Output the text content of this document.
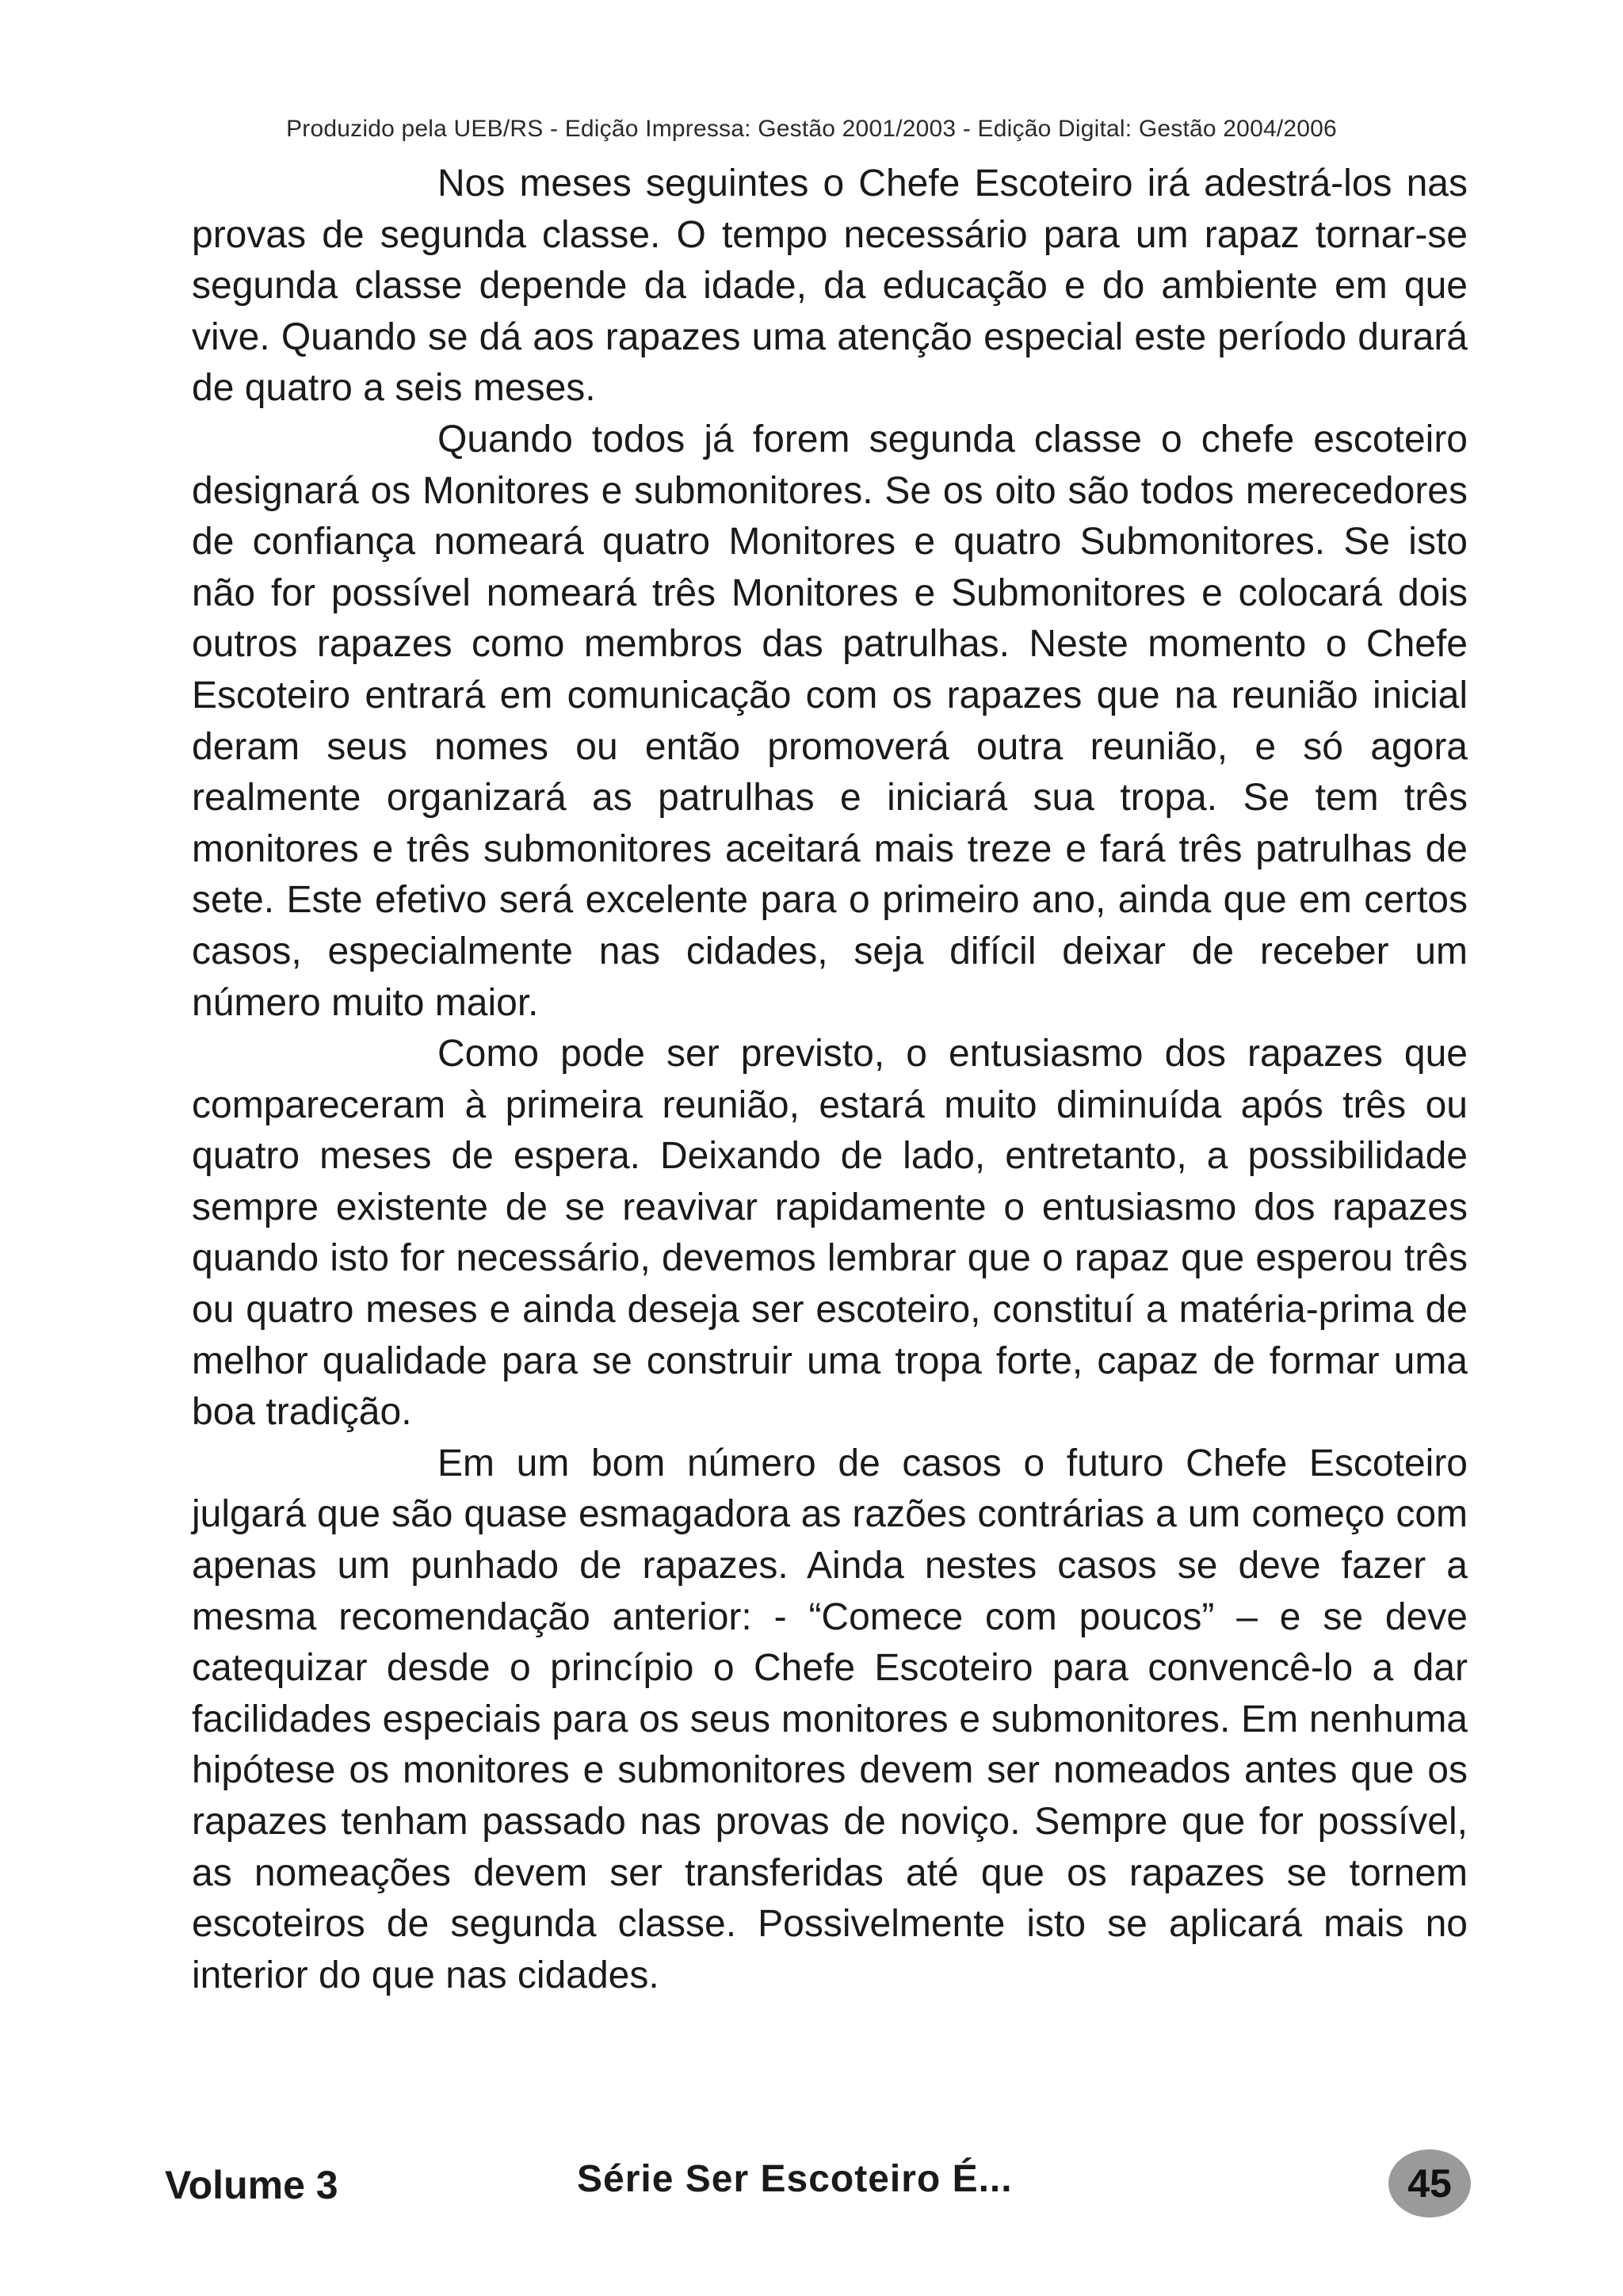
Produzido pela UEB/RS - Edição Impressa: Gestão 2001/2003 - Edição Digital: Gestão 2004/2006

Nos meses seguintes o Chefe Escoteiro irá adestrá-los nas provas de segunda classe. O tempo necessário para um rapaz tornar-se segunda classe depende da idade, da educação e do ambiente em que vive. Quando se dá aos rapazes uma atenção especial este período durará de quatro a seis meses.

Quando todos já forem segunda classe o chefe escoteiro designará os Monitores e submonitores. Se os oito são todos merecedores de confiança nomeará quatro Monitores e quatro Submonitores. Se isto não for possível nomeará três Monitores e Submonitores e colocará dois outros rapazes como membros das patrulhas. Neste momento o Chefe Escoteiro entrará em comunicação com os rapazes que na reunião inicial deram seus nomes ou então promoverá outra reunião, e só agora realmente organizará as patrulhas e iniciará sua tropa. Se tem três monitores e três submonitores aceitará mais treze e fará três patrulhas de sete. Este efetivo será excelente para o primeiro ano, ainda que em certos casos, especialmente nas cidades, seja difícil deixar de receber um número muito maior.

Como pode ser previsto, o entusiasmo dos rapazes que compareceram à primeira reunião, estará muito diminuída após três ou quatro meses de espera. Deixando de lado, entretanto, a possibilidade sempre existente de se reavivar rapidamente o entusiasmo dos rapazes quando isto for necessário, devemos lembrar que o rapaz que esperou três ou quatro meses e ainda deseja ser escoteiro, constituí a matéria-prima de melhor qualidade para se construir uma tropa forte, capaz de formar uma boa tradição.

Em um bom número de casos o futuro Chefe Escoteiro julgará que são quase esmagadora as razões contrárias a um começo com apenas um punhado de rapazes. Ainda nestes casos se deve fazer a mesma recomendação anterior: - “Comece com poucos” – e se deve catequizar desde o princípio o Chefe Escoteiro para convencê-lo a dar facilidades especiais para os seus monitores e submonitores. Em nenhuma hipótese os monitores e submonitores devem ser nomeados antes que os rapazes tenham passado nas provas de noviço. Sempre que for possível, as nomeações devem ser transferidas até que os rapazes se tornem escoteiros de segunda classe. Possivelmente isto se aplicará mais no interior do que nas cidades.

Volume 3	Série Ser Escoteiro É...	45
